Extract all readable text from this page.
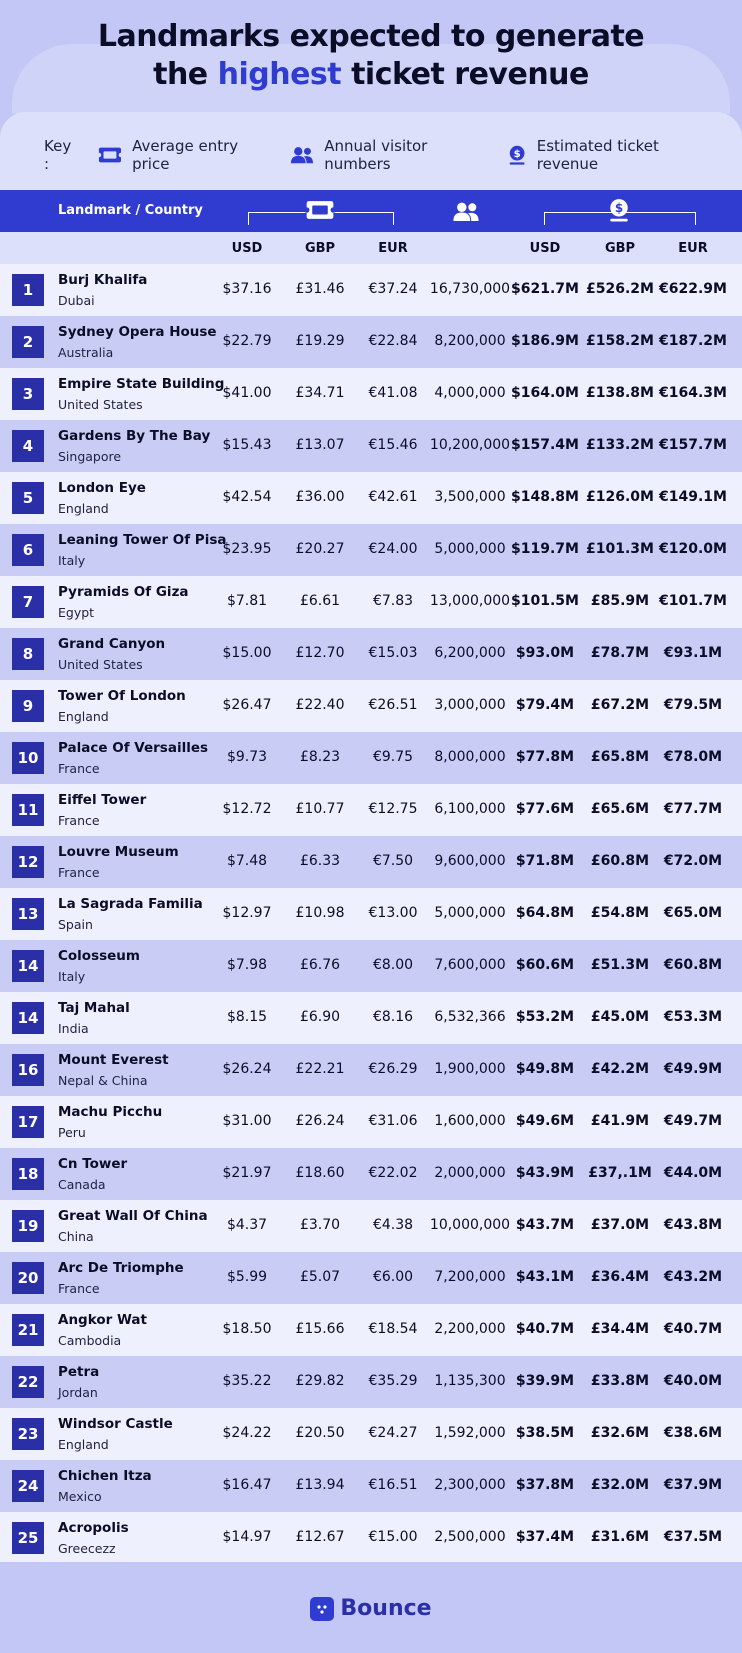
Landmarks expected to generate
the highest ticket revenue
Key :
Average entry price
Annual visitor numbers
$ Estimated ticket revenue
Landmark / Country	$
USD	GBP	EUR	USD	GBP	EUR
1
Burj Khalifa
Dubai
$37.16	£31.46	€37.24 16,730,000 $621.7M £526.2M €622.9M
2
Sydney Opera House
Australia
$22.79	£19.29	€22.84	8,200,000 $186.9M £158.2M €187.2M
3
Empire State Building
United States
$41.00	£34.71	€41.08	4,000,000 $164.0M £138.8M €164.3M
4
Gardens By The Bay
Singapore
$15.43	£13.07	€15.46 10,200,000 $157.4M £133.2M €157.7M
5
London Eye
England
$42.54	£36.00	€42.61	3,500,000 $148.8M £126.0M €149.1M
6
Leaning Tower Of Pisa
Italy
$23.95	£20.27	€24.00	5,000,000 $119.7M £101.3M €120.0M
7
Pyramids Of Giza
Egypt
$7.81	£6.61	€7.83	13,000,000 $101.5M £85.9M €101.7M
8
Grand Canyon
United States
$15.00	£12.70	€15.03	6,200,000 $93.0M	£78.7M	€93.1M
9
Tower Of London
England
$26.47	£22.40	€26.51	3,000,000 $79.4M	£67.2M	€79.5M
10
Palace Of Versailles
France
$9.73	£8.23	€9.75	8,000,000 $77.8M	£65.8M	€78.0M
11
Eiffel Tower
France
$12.72	£10.77	€12.75	6,100,000 $77.6M	£65.6M	€77.7M
12
Louvre Museum
France
$7.48	£6.33	€7.50	9,600,000 $71.8M	£60.8M	€72.0M
13
La Sagrada Familia
Spain
$12.97	£10.98	€13.00	5,000,000 $64.8M	£54.8M	€65.0M
14
Colosseum
Italy
$7.98	£6.76	€8.00	7,600,000 $60.6M	£51.3M	€60.8M
14
Taj Mahal
India
$8.15	£6.90	€8.16	6,532,366 $53.2M	£45.0M	€53.3M
16
Mount Everest
Nepal & China
$26.24	£22.21	€26.29	1,900,000 $49.8M	£42.2M	€49.9M
17
Machu Picchu
Peru
$31.00	£26.24	€31.06	1,600,000 $49.6M	£41.9M	€49.7M
18
Cn Tower
Canada
$21.97	£18.60	€22.02	2,000,000 $43.9M	£37,.1M €44.0M
19
Great Wall Of China
China
$4.37	£3.70	€4.38	10,000,000 $43.7M	£37.0M	€43.8M
20
Arc De Triomphe
France
$5.99	£5.07	€6.00	7,200,000 $43.1M	£36.4M	€43.2M
21
Angkor Wat
Cambodia
$18.50	£15.66	€18.54	2,200,000 $40.7M	£34.4M	€40.7M
22
Petra
Jordan
$35.22	£29.82	€35.29	1,135,300 $39.9M	£33.8M	€40.0M
23
Windsor Castle
England
$24.22	£20.50	€24.27	1,592,000 $38.5M	£32.6M	€38.6M
24
Chichen Itza
Mexico
$16.47	£13.94	€16.51	2,300,000 $37.8M	£32.0M	€37.9M
25
Acropolis
Greecezz
$14.97	£12.67	€15.00	2,500,000 $37.4M	£31.6M	€37.5M
Bounce
